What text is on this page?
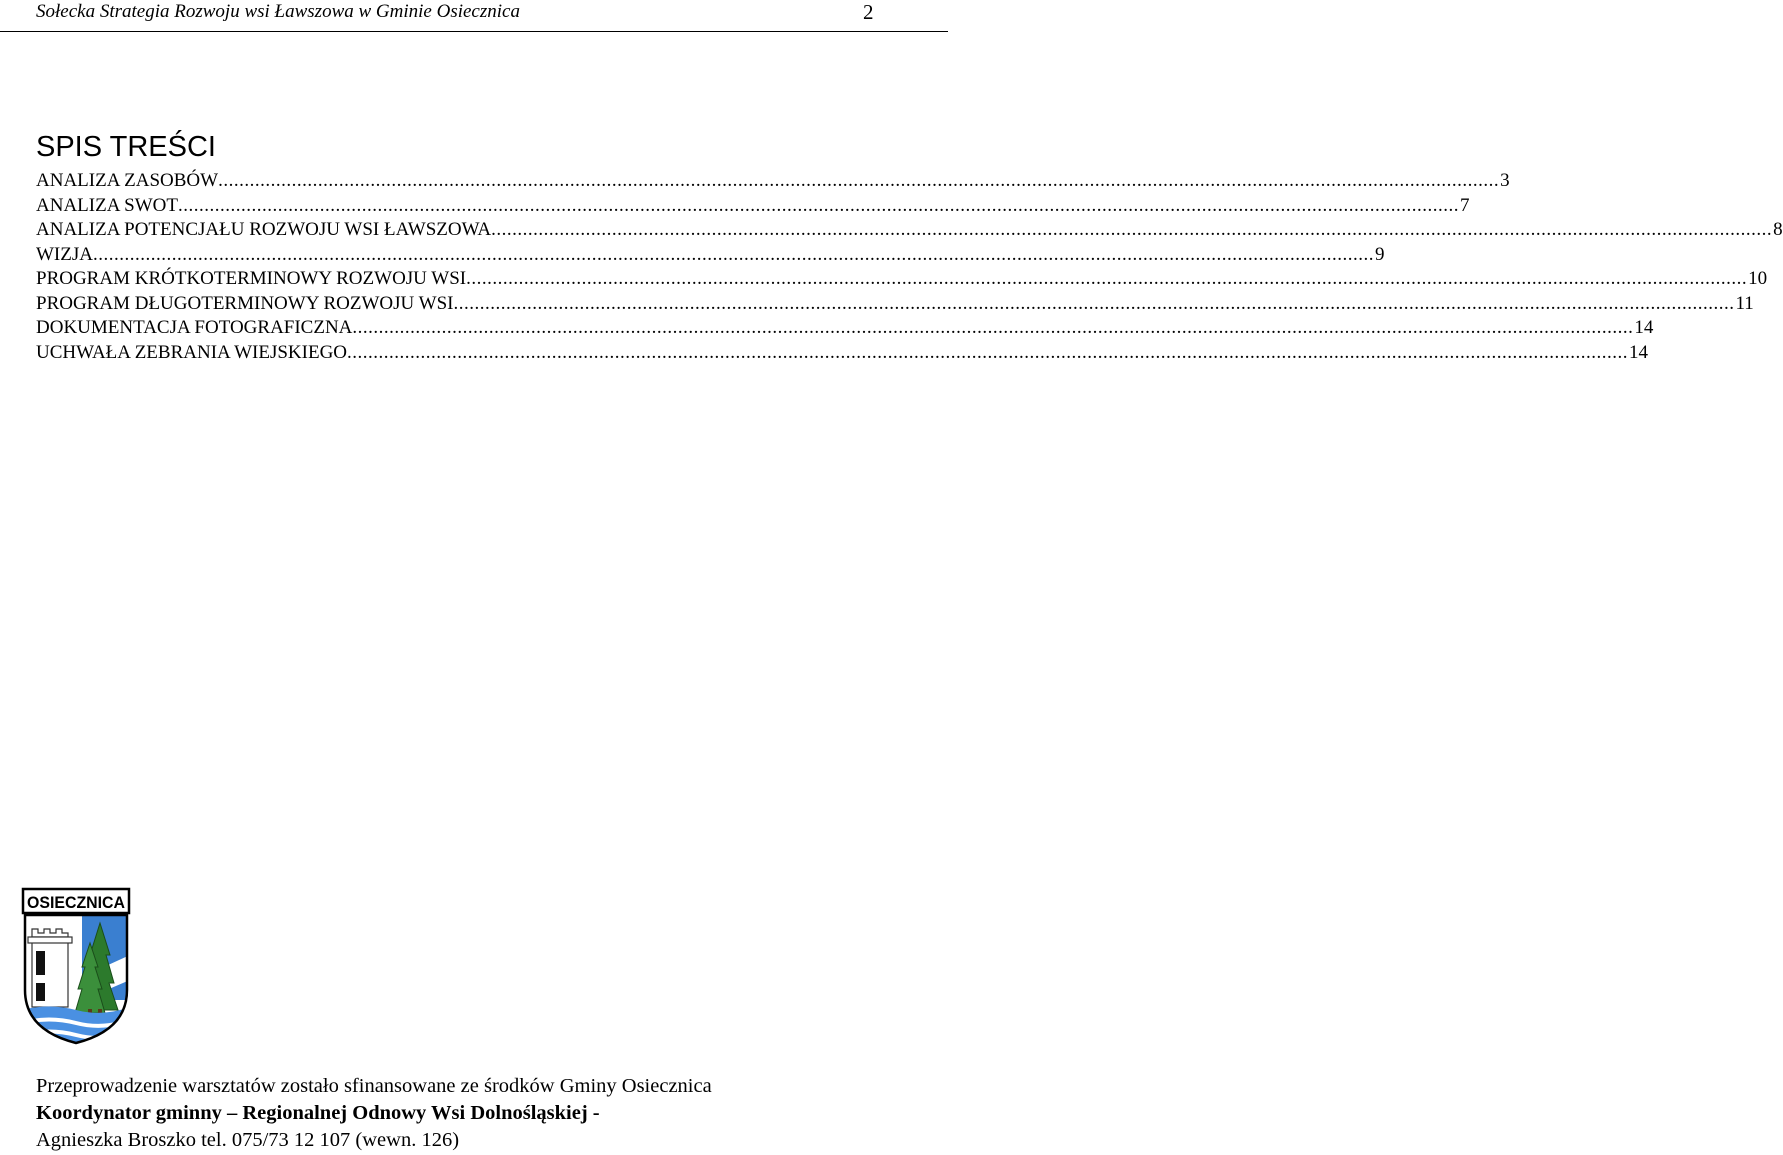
Sołecka Strategia Rozwoju wsi Ławszowa w Gminie Osiecznica	2
SPIS TREŚCI
ANALIZA ZASOBÓW .....	3
ANALIZA SWOT .....	7
ANALIZA POTENCJAŁU ROZWOJU WSI ŁAWSZOWA .....	8
WIZJA .....	9
PROGRAM KRÓTKOTERMINOWY ROZWOJU WSI .....	10
PROGRAM DŁUGOTERMINOWY ROZWOJU WSI .....	11
DOKUMENTACJA FOTOGRAFICZNA .....	14
UCHWAŁA ZEBRANIA WIEJSKIEGO .....	14
OSIECZNICA
Przeprowadzenie warsztatów zostało sfinansowane ze środków Gminy Osiecznica
Koordynator gminny – Regionalnej Odnowy Wsi Dolnośląskiej -
Agnieszka Broszko tel. 075/73 12 107 (wewn. 126)
